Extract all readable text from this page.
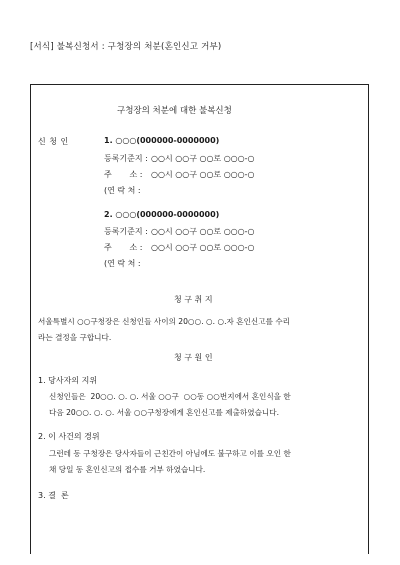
[서식] 불복신청서 : 구청장의 처분(혼인신고 거부)
구청장의 처분에 대한 불복신청
신 청 인	1. ○○○(000000-0000000)
등록기준지 : ○○시 ○○구 ○○로 ○○○-○
주       소 : ○○시 ○○구 ○○로 ○○○-○
(연 락 처 :
2. ○○○(000000-0000000)
등록기준지 : ○○시 ○○구 ○○로 ○○○-○
주       소 : ○○시 ○○구 ○○로 ○○○-○
(연 락 처 :
청 구 취 지
서울특별시 ○○구청장은 신청인들 사이의 20○○. ○. ○.자 혼인신고를 수리
라는 결정을 구합니다.
청 구 원 인
1. 당사자의 지위
신청인들은  20○○. ○. ○. 서울 ○○구  ○○동 ○○번지에서 혼인식을 한
다음 20○○. ○. ○. 서울 ○○구청장에게 혼인신고를 제출하였습니다.
2. 이 사건의 경위
그런데 동 구청장은 당사자들이 근친간이 아님에도 불구하고 이를 오인 한
채 당일 동 혼인신고의 접수를 거부 하였습니다.
3. 결  론
